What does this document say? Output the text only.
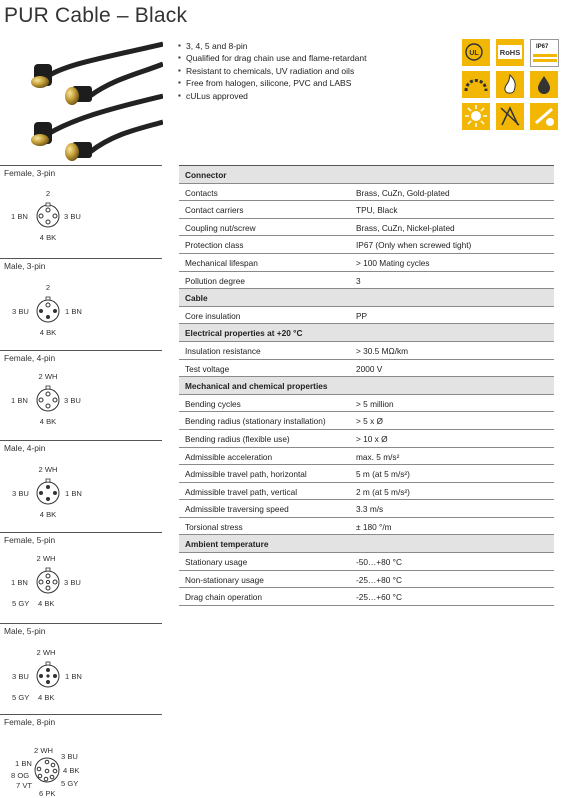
PUR Cable – Black
▪ 3, 4, 5 and 8-pin
▪ Qualified for drag chain use and flame-retardant
▪ Resistant to chemicals, UV radiation and oils
▪ Free from halogen, silicone, PVC and LABS
▪ cULus approved
UL	RoHS
IP67
Female, 3-pin
2
1 BN	3 BU
4 BK
Male, 3-pin
2
3 BU	1 BN
4 BK
Female, 4-pin
2 WH
1 BN	3 BU
4 BK
Male, 4-pin
2 WH
3 BU	1 BN
4 BK
Female, 5-pin
2 WH
1 BN	3 BU
5 GY 4 BK
Male, 5-pin
2 WH
3 BU	1 BN
5 GY 4 BK
Female, 8-pin
2 WH
3 BU
1 BN
4 BK
8 OG
5 GY
7 VT
6 PK
Connector
Contacts	Brass, CuZn, Gold-plated
Contact carriers	TPU, Black
Coupling nut/screw	Brass, CuZn, Nickel-plated
Protection class	IP67 (Only when screwed tight)
Mechanical lifespan	> 100 Mating cycles
Pollution degree	3
Cable
Core insulation	PP
Electrical properties at +20 °C
Insulation resistance	> 30.5 MΩ/km
Test voltage	2000 V
Mechanical and chemical properties
Bending cycles	> 5 million
Bending radius (stationary installation)	> 5 x Ø
Bending radius (flexible use)	> 10 x Ø
Admissible acceleration	max. 5 m/s²
Admissible travel path, horizontal	5 m (at 5 m/s²)
Admissible travel path, vertical	2 m (at 5 m/s²)
Admissible traversing speed	3.3 m/s
Torsional stress	± 180 °/m
Ambient temperature
Stationary usage	-50…+80 °C
Non-stationary usage	-25…+80 °C
Drag chain operation	-25…+60 °C
